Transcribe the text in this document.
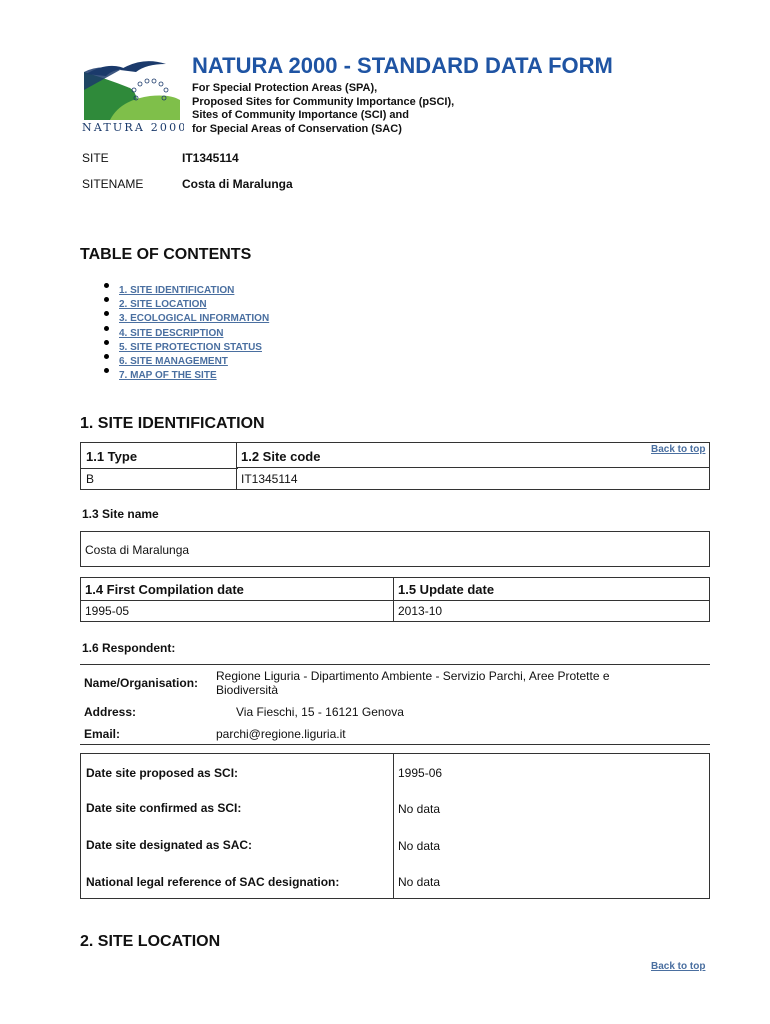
NATURA 2000
NATURA 2000 - STANDARD DATA FORM
For Special Protection Areas (SPA),
Proposed Sites for Community Importance (pSCI),
Sites of Community Importance (SCI) and
for Special Areas of Conservation (SAC)
SITE	IT1345114
SITENAME	Costa di Maralunga
TABLE OF CONTENTS
1. SITE IDENTIFICATION
2. SITE LOCATION
3. ECOLOGICAL INFORMATION
4. SITE DESCRIPTION
5. SITE PROTECTION STATUS
6. SITE MANAGEMENT
7. MAP OF THE SITE
1. SITE IDENTIFICATION
1.1 Type
B
1.2 Site code
IT1345114
Back to top
1.3 Site name
Costa di Maralunga
1.4 First Compilation date
1995-05
1.5 Update date
2013-10
1.6 Respondent:
Name/Organisation: Regione Liguria - Dipartimento Ambiente - Servizio Parchi, Aree Protette e
Biodiversità
Address:	Via Fieschi, 15 - 16121 Genova
Email:	parchi@regione.liguria.it
Date site proposed as SCI:	1995-06
Date site confirmed as SCI:	No data
Date site designated as SAC:	No data
National legal reference of SAC designation:	No data
2. SITE LOCATION
Back to top
